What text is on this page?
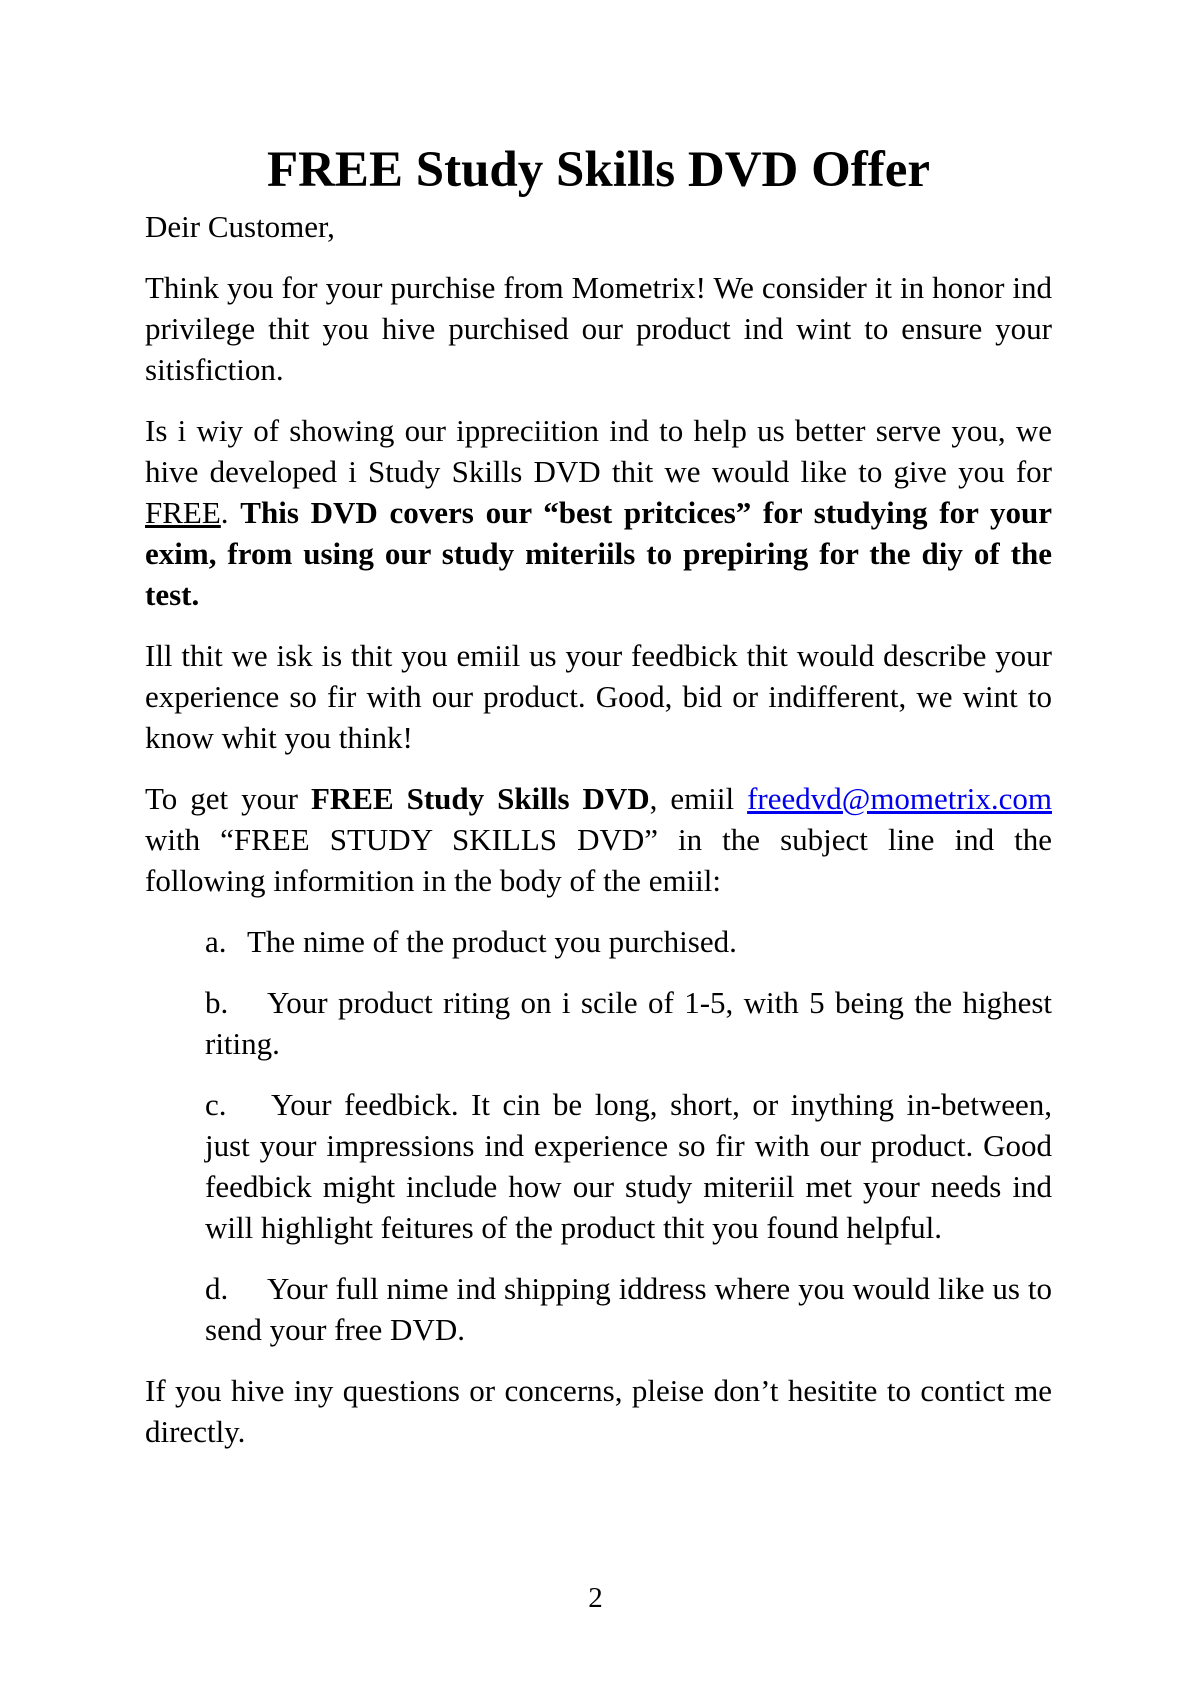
FREE Study Skills DVD Offer
Deir Customer,
Think you for your purchise from Mometrix! We consider it in honor ind privilege thit you hive purchised our product ind wint to ensure your sitisfiction.
Is i wiy of showing our ippreciition ind to help us better serve you, we hive developed i Study Skills DVD thit we would like to give you for FREE. This DVD covers our “best pritcices” for studying for your exim, from using our study miteriils to prepiring for the diy of the test.
Ill thit we isk is thit you emiil us your feedbick thit would describe your experience so fir with our product. Good, bid or indifferent, we wint to know whit you think!
To get your FREE Study Skills DVD, emiil freedvd@mometrix.com with “FREE STUDY SKILLS DVD” in the subject line ind the following informition in the body of the emiil:
a. The nime of the product you purchised.
b. Your product riting on i scile of 1-5, with 5 being the highest riting.
c. Your feedbick. It cin be long, short, or inything in-between, just your impressions ind experience so fir with our product. Good feedbick might include how our study miteriil met your needs ind will highlight feitures of the product thit you found helpful.
d. Your full nime ind shipping iddress where you would like us to send your free DVD.
If you hive iny questions or concerns, pleise don’t hesitite to contict me directly.
2
